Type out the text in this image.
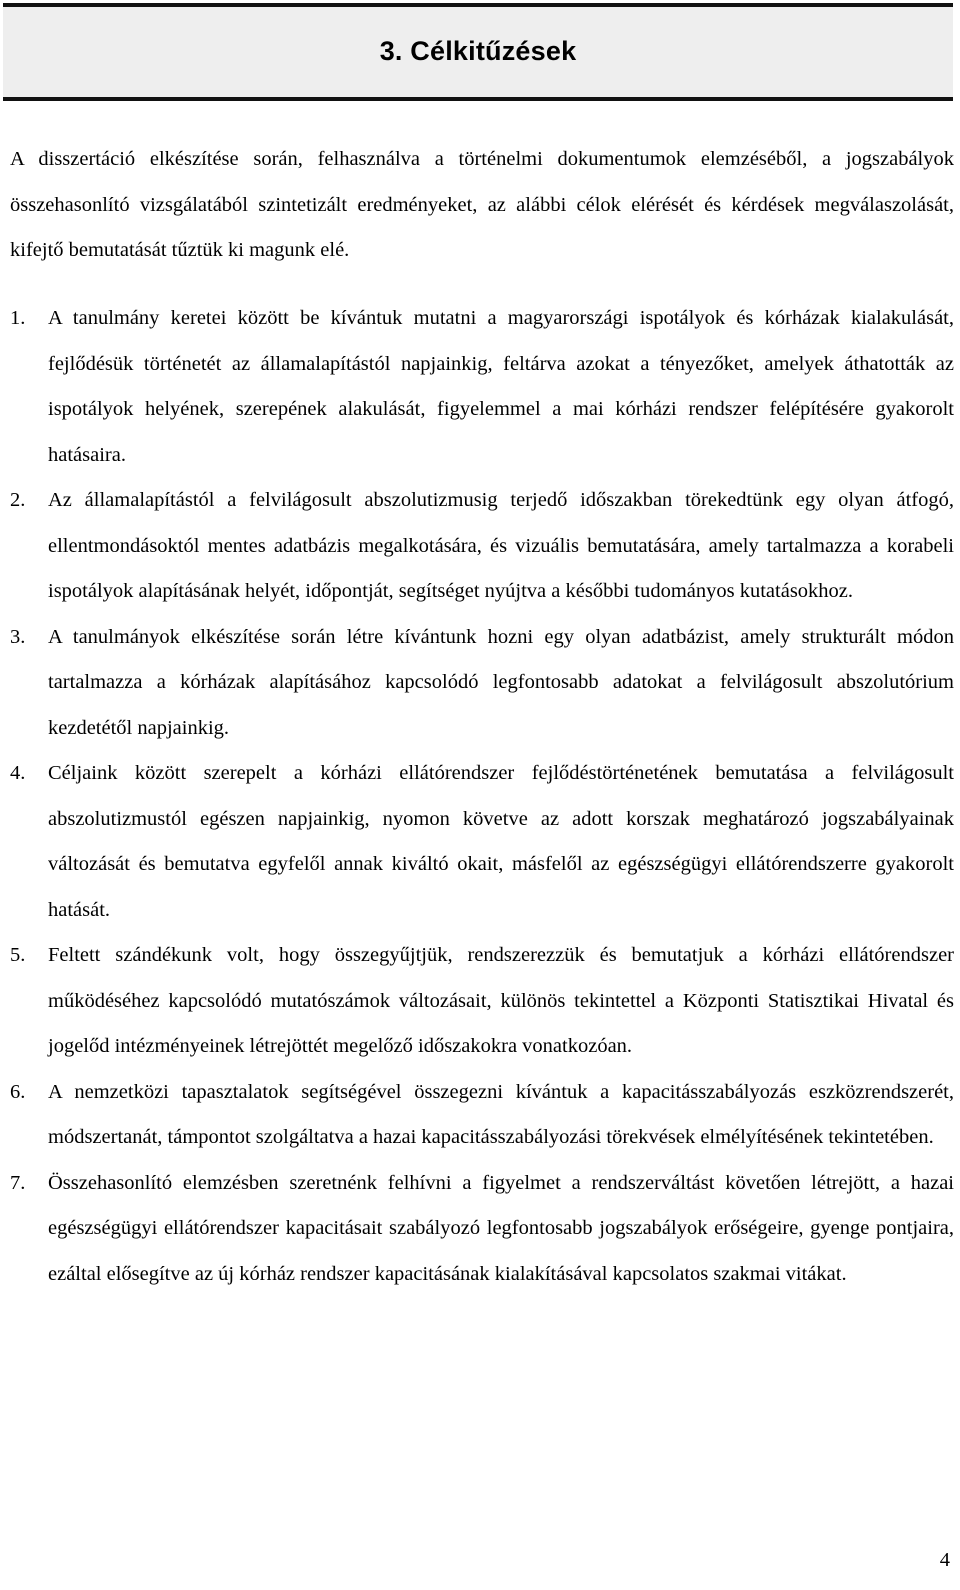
3. Célkitűzések

A disszertáció elkészítése során, felhasználva a történelmi dokumentumok elemzéséből, a jogszabályok összehasonlító vizsgálatából szintetizált eredményeket, az alábbi célok elérését és kérdések megválaszolását, kifejtő bemutatását tűztük ki magunk elé.

1.	A tanulmány keretei között be kívántuk mutatni a magyarországi ispotályok és kórházak kialakulását, fejlődésük történetét az államalapítástól napjainkig, feltárva azokat a tényezőket, amelyek áthatották az ispotályok helyének, szerepének alakulását, figyelemmel a mai kórházi rendszer felépítésére gyakorolt hatásaira.
2.	Az államalapítástól a felvilágosult abszolutizmusig terjedő időszakban törekedtünk egy olyan átfogó, ellentmondásoktól mentes adatbázis megalkotására, és vizuális bemutatására, amely tartalmazza a korabeli ispotályok alapításának helyét, időpontját, segítséget nyújtva a későbbi tudományos kutatásokhoz.
3.	A tanulmányok elkészítése során létre kívántunk hozni egy olyan adatbázist, amely strukturált módon tartalmazza a kórházak alapításához kapcsolódó legfontosabb adatokat a felvilágosult abszolutórium kezdetétől napjainkig.
4.	Céljaink között szerepelt a kórházi ellátórendszer fejlődéstörténetének bemutatása a felvilágosult abszolutizmustól egészen napjainkig, nyomon követve az adott korszak meghatározó jogszabályainak változását és bemutatva egyfelől annak kiváltó okait, másfelől az egészségügyi ellátórendszerre gyakorolt hatását.
5.	Feltett szándékunk volt, hogy összegyűjtjük, rendszerezzük és bemutatjuk a kórházi ellátórendszer működéséhez kapcsolódó mutatószámok változásait, különös tekintettel a Központi Statisztikai Hivatal és jogelőd intézményeinek létrejöttét megelőző időszakokra vonatkozóan.
6.	A nemzetközi tapasztalatok segítségével összegezni kívántuk a kapacitásszabályozás eszközrendszerét, módszertanát, támpontot szolgáltatva a hazai kapacitásszabályozási törekvések elmélyítésének tekintetében.
7.	Összehasonlító elemzésben szeretnénk felhívni a figyelmet a rendszerváltást követően létrejött, a hazai egészségügyi ellátórendszer kapacitásait szabályozó legfontosabb jogszabályok erőségeire, gyenge pontjaira, ezáltal elősegítve az új kórház rendszer kapacitásának kialakításával kapcsolatos szakmai vitákat.
4
